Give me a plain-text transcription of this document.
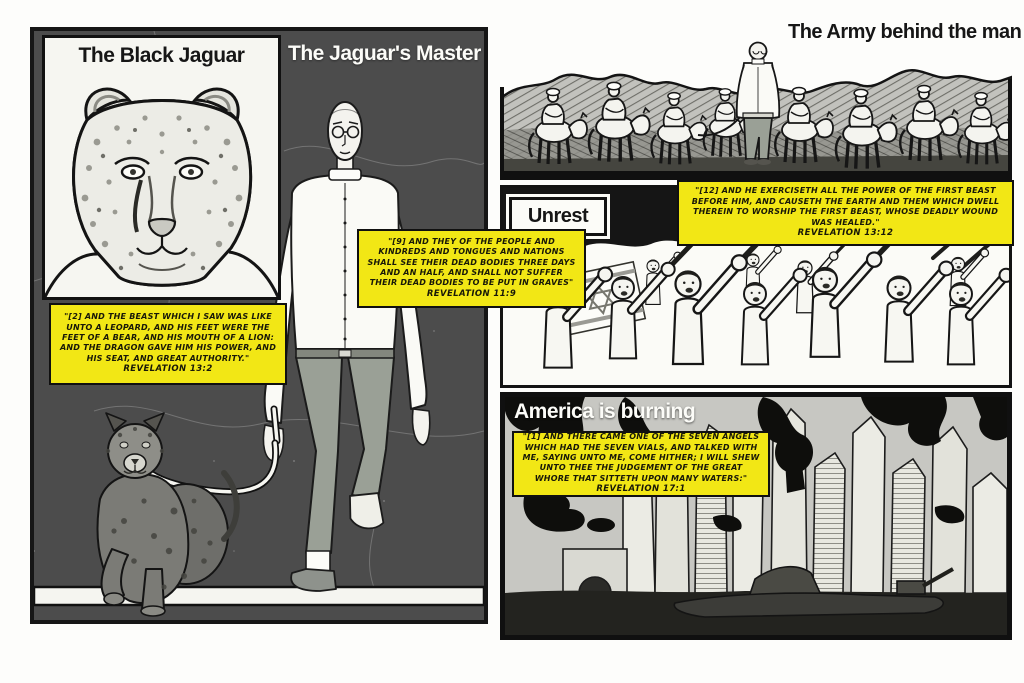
The Black Jaguar	The Jaguar's Master
The Army behind the man
Unrest
America is burning
"[1] AND THERE CAME ONE OF THE SEVEN ANGELS WHICH HAD THE SEVEN VIALS, AND TALKED WITH ME, SAYING UNTO ME, COME HITHER; I WILL SHEW UNTO THEE THE JUDGEMENT OF THE GREAT WHORE THAT SITTETH UPON MANY WATERS:"
REVELATION 17:1
"[2] AND THE BEAST WHICH I SAW WAS LIKE UNTO A LEOPARD, AND HIS FEET WERE THE FEET OF A BEAR, AND HIS MOUTH OF A LION: AND THE DRAGON GAVE HIM HIS POWER, AND HIS SEAT, AND GREAT AUTHORITY."
REVELATION 13:2
"[9] AND THEY OF THE PEOPLE AND KINDREDS AND TONGUES AND NATIONS SHALL SEE THEIR DEAD BODIES THREE DAYS AND AN HALF, AND SHALL NOT SUFFER THEIR DEAD BODIES TO BE PUT IN GRAVES"
REVELATION 11:9
"[12] AND HE EXERCISETH ALL THE POWER OF THE FIRST BEAST BEFORE HIM, AND CAUSETH THE EARTH AND THEM WHICH DWELL THEREIN TO WORSHIP THE FIRST BEAST, WHOSE DEADLY WOUND WAS HEALED."
REVELATION 13:12
